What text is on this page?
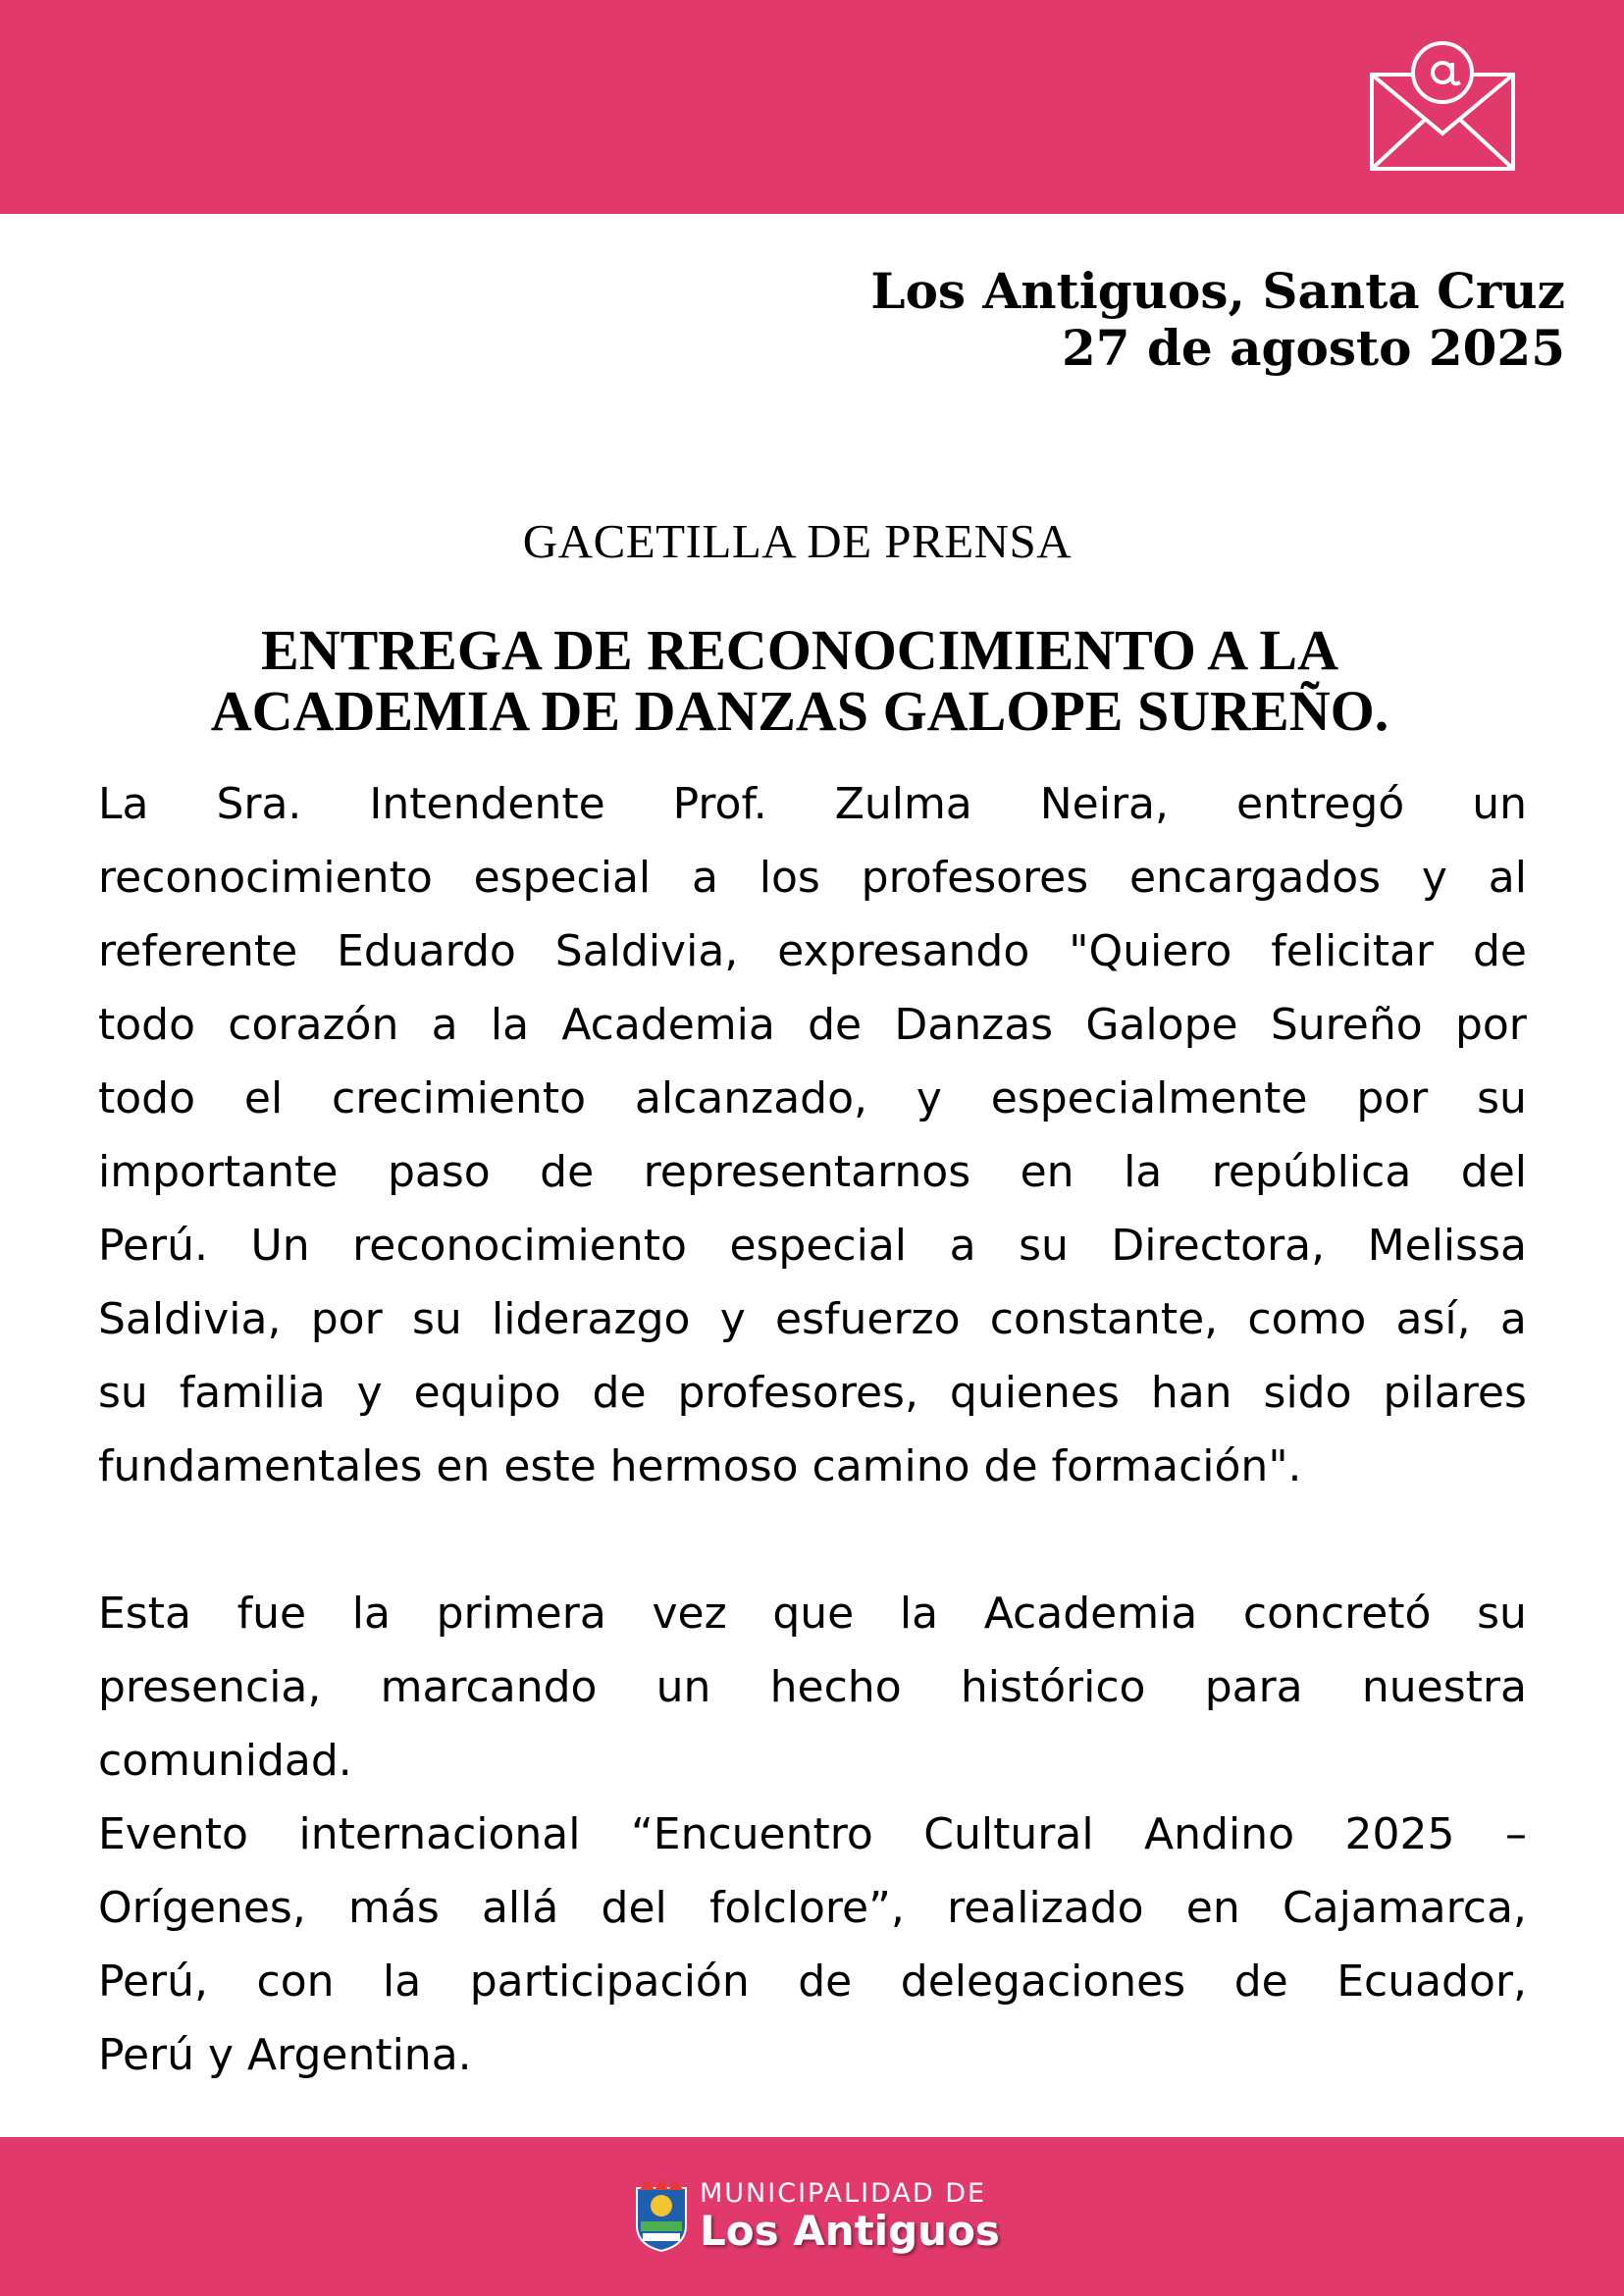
Los Antiguos, Santa Cruz
27 de agosto 2025
GACETILLA DE PRENSA
ENTREGA DE RECONOCIMIENTO A LA
ACADEMIA DE DANZAS GALOPE SUREÑO.
La Sra. Intendente Prof. Zulma Neira, entregó un
reconocimiento especial a los profesores encargados y al
referente Eduardo Saldivia, expresando "Quiero felicitar de
todo corazón a la Academia de Danzas Galope Sureño por
todo el crecimiento alcanzado, y especialmente por su
importante paso de representarnos en la república del
Perú. Un reconocimiento especial a su Directora, Melissa
Saldivia, por su liderazgo y esfuerzo constante, como así, a
su familia y equipo de profesores, quienes han sido pilares
fundamentales en este hermoso camino de formación".
Esta fue la primera vez que la Academia concretó su
presencia, marcando un hecho histórico para nuestra
comunidad.
Evento internacional “Encuentro Cultural Andino 2025 –
Orígenes, más allá del folclore”, realizado en Cajamarca,
Perú, con la participación de delegaciones de Ecuador,
Perú y Argentina.
MUNICIPALIDAD DE
Los Antiguos
